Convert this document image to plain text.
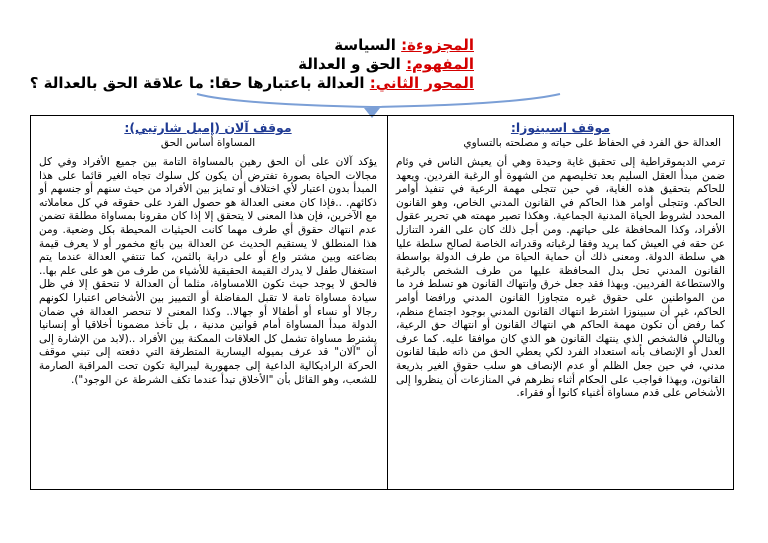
المجزوءة: السياسة
المفهوم: الحق و العدالة
المحور الثاني: العدالة باعتبارها حقا: ما علاقة الحق بالعدالة ؟
موقف آلان (إميل شارتيي):
المساواة أساس الحق
يؤكد آلان على أن الحق رهين بالمساواة التامة بين جميع الأفراد وفي كل مجالات الحياة بصورة تفترض أن يكون كل سلوك تجاه الغير قائما على هذا المبدأ بدون اعتبار لأي اختلاف أو تمايز بين الأفراد من حيث سنهم أو جنسهم أو ذكائهم. ..فإذا كان معنى العدالة هو حصول الفرد على حقوقه في كل معاملاته مع الآخرين، فإن هذا المعنى لا يتحقق إلا إذا كان مقرونا بمساواة مطلقة تضمن عدم انتهاك حقوق أي طرف مهما كانت الحيثيات المحيطة بكل وضعية. ومن هذا المنطلق لا يستقيم الحديث عن العدالة بين بائع مخمور أو لا يعرف قيمة بضاعته وبين مشتر واع أو على دراية بالثمن، كما تنتفي العدالة عندما يتم استغفال طفل لا يدرك القيمة الحقيقية للأشياء من طرف من هو على علم بها.. فالحق لا يوجد حيث تكون اللامساواة، مثلما أن العدالة لا تتحقق إلا في ظل سيادة مساواة تامة لا تقبل المفاضلة أو التمييز بين الأشخاص اعتبارا لكونهم رجالا أو نساء أو أطفالا أو جهالا.. وكذا المعنى لا تنحصر العدالة في ضمان الدولة مبدأ المساواة أمام قوانين مدنية ، بل تأخذ مضمونا أخلاقيا أو إنسانيا يشترط مساواة تشمل كل العلاقات الممكنة بين الأفراد ..(لابد من الإشارة إلى أن "آلان" قد عرف بميوله اليسارية المتطرفة التي دفعته إلى تبني موقف الحركة الراديكالية الداعية إلى جمهورية ليبرالية تكون تحت المراقبة الصارمة للشعب، وهو القائل بأن "الأخلاق تبدأ عندما تكف الشرطة عن الوجود").
موقف اسبينوزا:
العدالة حق الفرد في الحفاظ على حياته و مصلحته بالتساوي
ترمي الديموقراطية إلى تحقيق غاية وحيدة وهي أن يعيش الناس في وئام ضمن مبدأ العقل السليم بعد تخليصهم من الشهوة أو الرغبة الفردين. ويعهد للحاكم بتحقيق هذه الغاية، في حين تتجلى مهمة الرعية في تنفيذ أوامر الحاكم. وتتجلى أوامر هذا الحاكم في القانون المدني الخاص، وهو القانون المحدد لشروط الحياة المدنية الجماعية. وهكذا تصير مهمته هي تحرير عقول الأفراد، وكذا المحافظة على حياتهم. ومن أجل ذلك كان على الفرد التنازل عن حقه في العيش كما يريد وفقا لرغباته وقدراته الخاصة لصالح سلطة عليا هي سلطة الدولة. ومعنى ذلك أن حماية الحياة من طرف الدولة بواسطة القانون المدني تحل بدل المحافظة عليها من طرف الشخص بالرغبة والاستطاعة الفرديين. وبهذا فقد جعل خرق وانتهاك القانون هو تسلط فرد ما من المواطنين على حقوق غيره متجاوزا القانون المدني ورافضا أوامر الحاكم، غير أن سبينوزا اشترط انتهاك القانون المدني بوجود اجتماع منظم، كما رفض أن تكون مهمة الحاكم هي انتهاك القانون أو انتهاك حق الرعية، وبالتالي فالشخص الذي ينتهك القانون هو الذي كان موافقا عليه. كما عرف العدل أو الإنصاف بأنه استعداد الفرد لكي يعطي الحق من ذاته طبقا لقانون مدني، في حين جعل الظلم أو عدم الإنصاف هو سلب حقوق الغير بذريعة القانون، وبهذا فواجب على الحكام أثناء نظرهم في المنازعات أن ينظروا إلى الأشخاص على قدم مساواة أغنياء كانوا أو فقراء.
